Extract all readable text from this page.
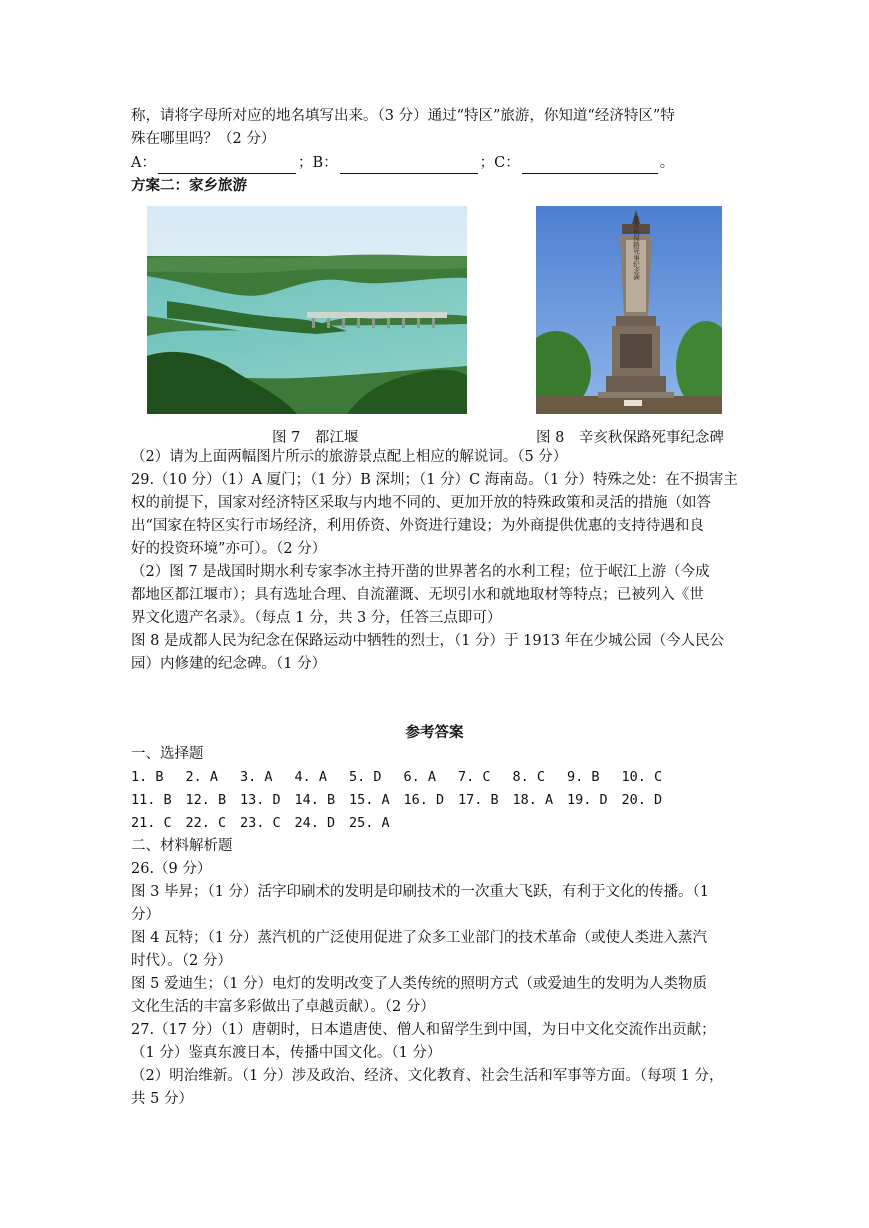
称，请将字母所对应的地名填写出来。（3 分）通过“特区”旅游，你知道“经济特区”特
殊在哪里吗？（2 分）
A：	；B：	；C：	。
方案二：家乡旅游
辛亥秋保路死事纪念碑
图 7　都江堰	图 8　辛亥秋保路死事纪念碑
（2）请为上面两幅图片所示的旅游景点配上相应的解说词。（5 分）
29.（10 分）（1）A 厦门；（1 分）B 深圳；（1 分）C 海南岛。（1 分）特殊之处：在不损害主
权的前提下，国家对经济特区采取与内地不同的、更加开放的特殊政策和灵活的措施（如答
出“国家在特区实行市场经济，利用侨资、外资进行建设；为外商提供优惠的支持待遇和良
好的投资环境”亦可）。（2 分）
（2）图 7 是战国时期水利专家李冰主持开凿的世界著名的水利工程；位于岷江上游（今成
都地区都江堰市）；具有选址合理、自流灌溉、无坝引水和就地取材等特点；已被列入《世
界文化遗产名录》。（每点 1 分，共 3 分，任答三点即可）
图 8 是成都人民为纪念在保路运动中牺牲的烈士，（1 分）于 1913 年在少城公园（今人民公
园）内修建的纪念碑。（1 分）
参考答案
一、选择题
1. B 2. A 3. A 4. A 5. D 6. A 7. C 8. C 9. B 10. C
11. B 12. B 13. D 14. B 15. A 16. D 17. B 18. A 19. D 20. D
21. C 22. C 23. C 24. D 25. A
二、材料解析题
26.（9 分）
图 3 毕昇；（1 分）活字印刷术的发明是印刷技术的一次重大飞跃，有利于文化的传播。（1
分）
图 4 瓦特；（1 分）蒸汽机的广泛使用促进了众多工业部门的技术革命（或使人类进入蒸汽
时代）。（2 分）
图 5 爱迪生；（1 分）电灯的发明改变了人类传统的照明方式（或爱迪生的发明为人类物质
文化生活的丰富多彩做出了卓越贡献）。（2 分）
27.（17 分）（1）唐朝时，日本遣唐使、僧人和留学生到中国，为日中文化交流作出贡献；
（1 分）鉴真东渡日本，传播中国文化。（1 分）
（2）明治维新。（1 分）涉及政治、经济、文化教育、社会生活和军事等方面。（每项 1 分，
共 5 分）
